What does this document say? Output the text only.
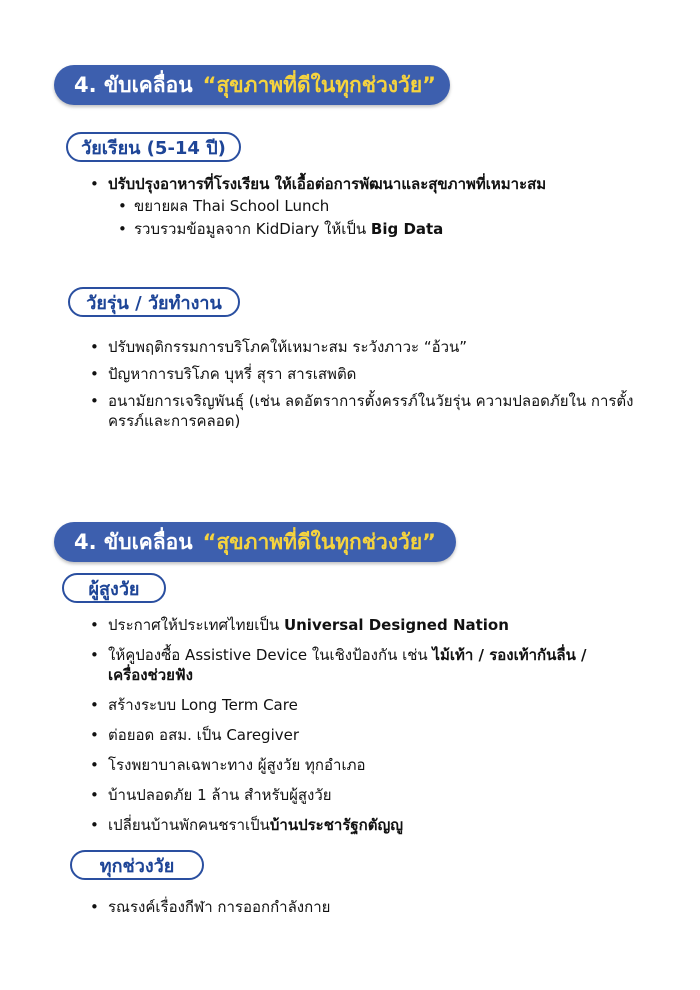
4. ขับเคลื่อน “สุขภาพที่ดีในทุกช่วงวัย”
วัยเรียน (5-14 ปี)
• ปรับปรุงอาหารที่โรงเรียน ให้เอื้อต่อการพัฒนาและสุขภาพที่เหมาะสม
• ขยายผล Thai School Lunch
• รวบรวมข้อมูลจาก KidDiary ให้เป็น Big Data
วัยรุ่น / วัยทำงาน
• ปรับพฤติกรรมการบริโภคให้เหมาะสม ระวังภาวะ “อ้วน”
• ปัญหาการบริโภค บุหรี่ สุรา สารเสพติด
• อนามัยการเจริญพันธุ์ (เช่น ลดอัตราการตั้งครรภ์ในวัยรุ่น ความปลอดภัยใน การตั้งครรภ์และการคลอด)
4. ขับเคลื่อน “สุขภาพที่ดีในทุกช่วงวัย”
ผู้สูงวัย
• ประกาศให้ประเทศไทยเป็น Universal Designed Nation
• ให้คูปองซื้อ Assistive Device ในเชิงป้องกัน เช่น ไม้เท้า / รองเท้ากันลื่น / เครื่องช่วยฟัง
• สร้างระบบ Long Term Care
• ต่อยอด อสม. เป็น Caregiver
• โรงพยาบาลเฉพาะทาง ผู้สูงวัย ทุกอำเภอ
• บ้านปลอดภัย 1 ล้าน สำหรับผู้สูงวัย
• เปลี่ยนบ้านพักคนชราเป็นบ้านประชารัฐกตัญญู
ทุกช่วงวัย
• รณรงค์เรื่องกีฬา การออกกำลังกาย
